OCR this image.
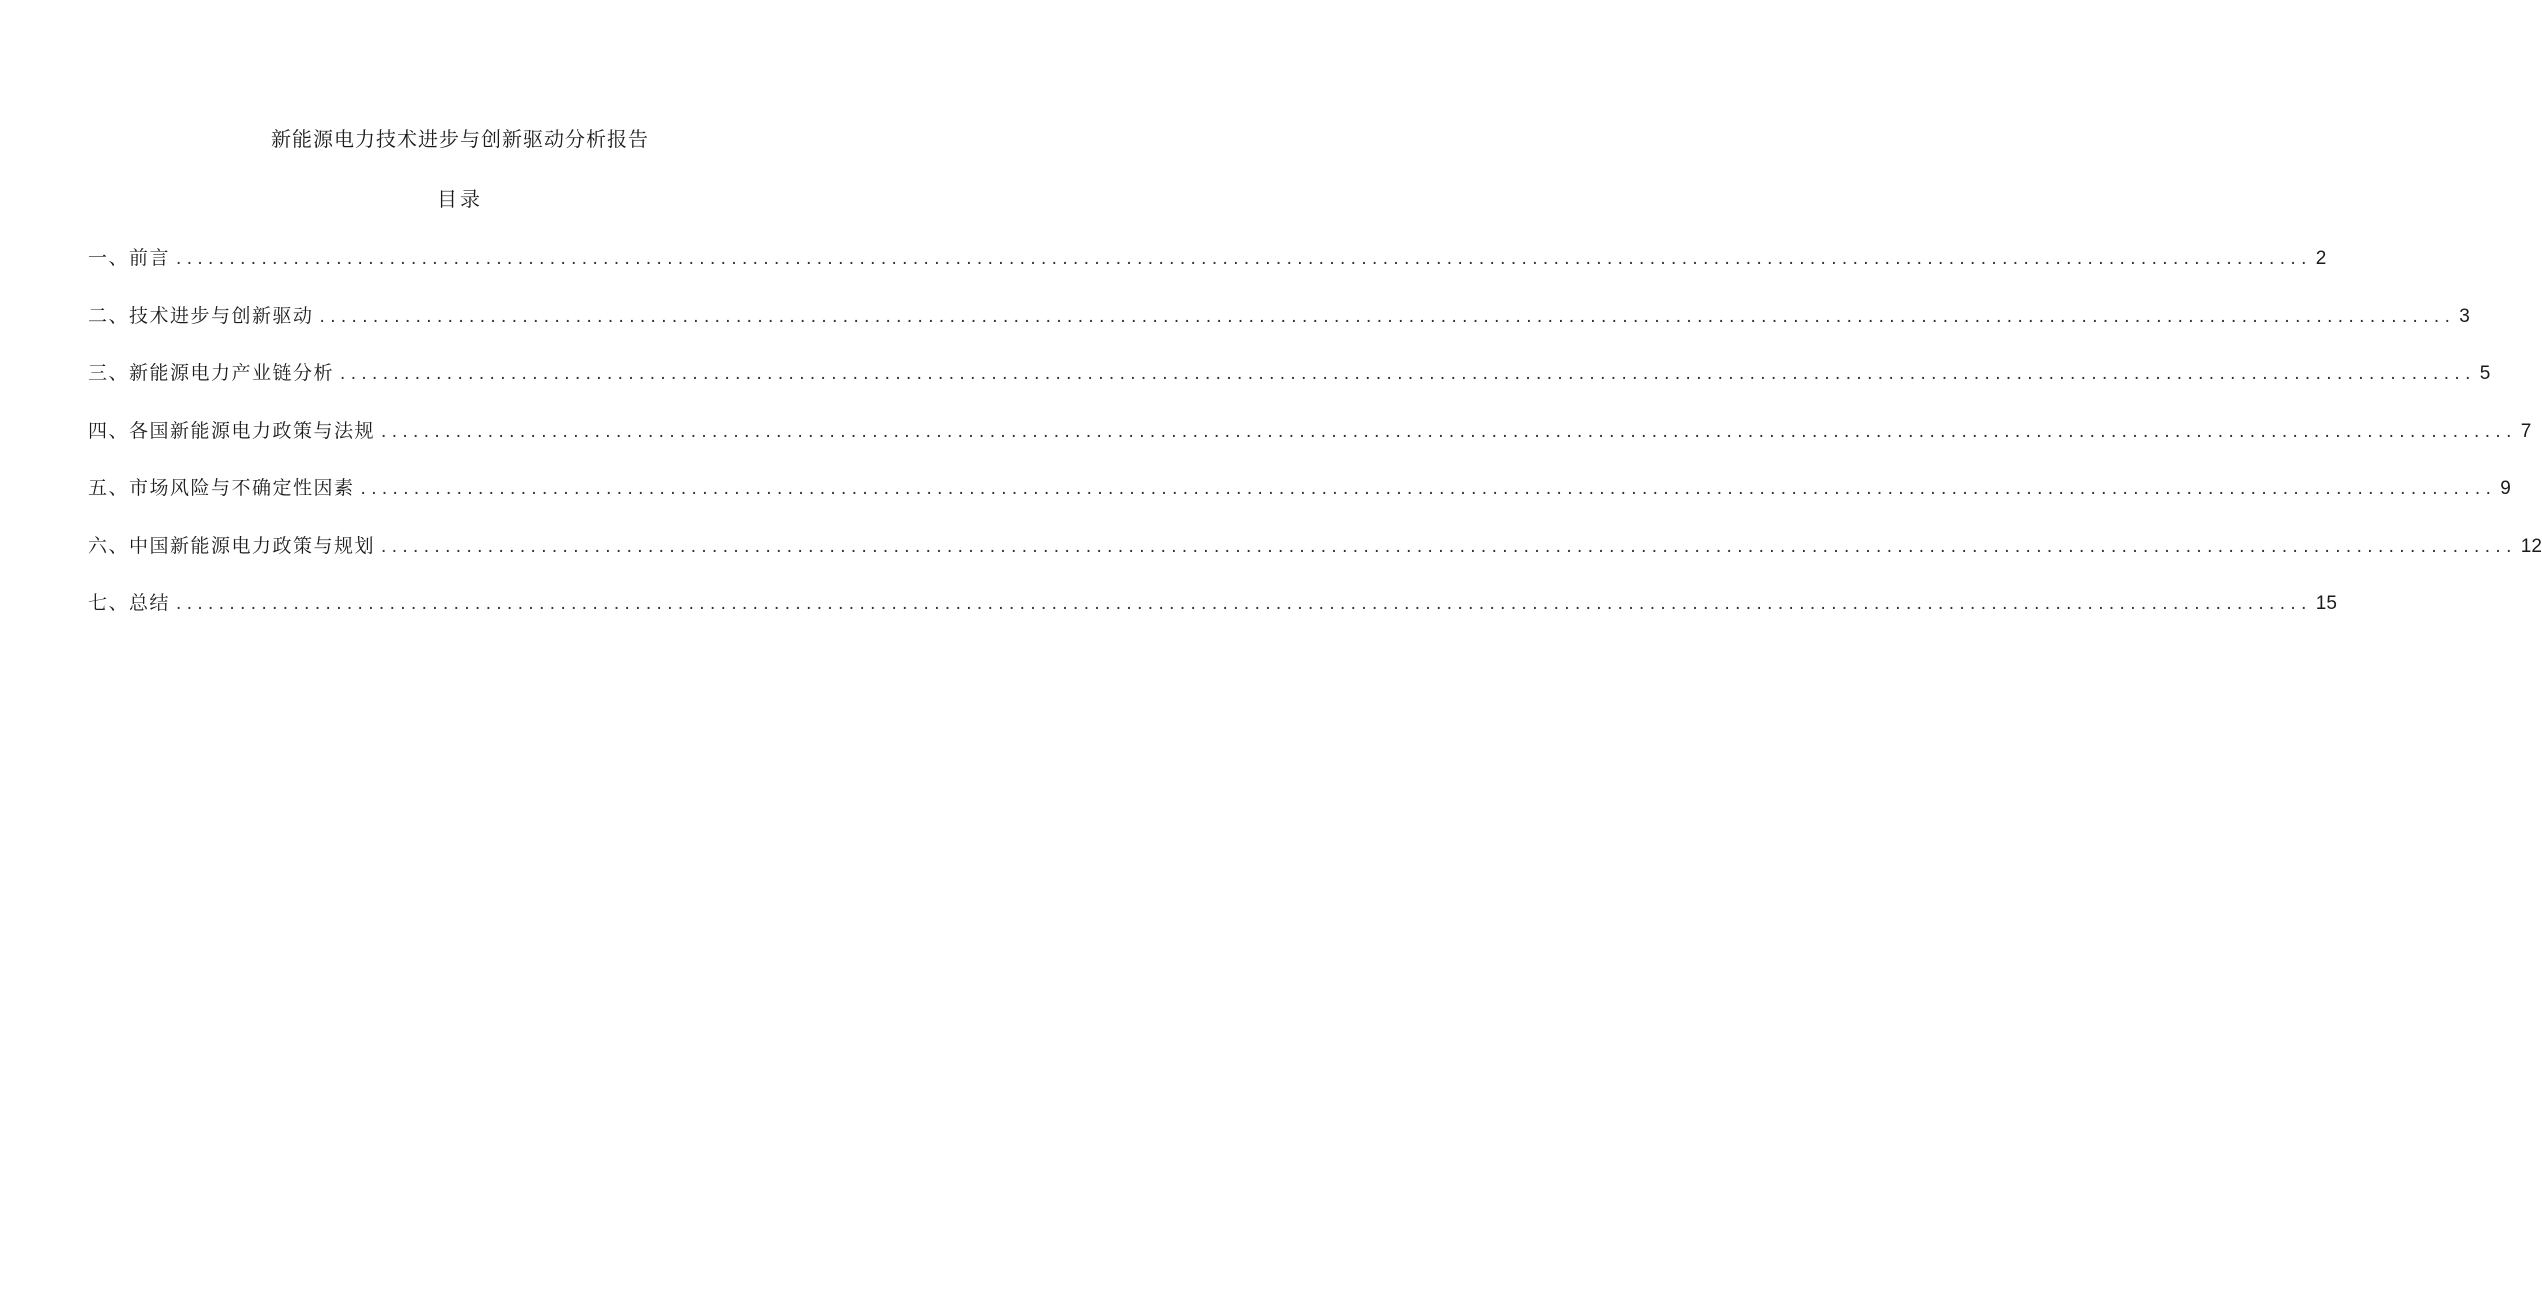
新能源电力技术进步与创新驱动分析报告
目录
一、前言 ........................................................................................................................................................................................................ 2
二、技术进步与创新驱动 ........................................................................................................................................................................................................ 3
三、新能源电力产业链分析 ........................................................................................................................................................................................................ 5
四、各国新能源电力政策与法规 ........................................................................................................................................................................................................ 7
五、市场风险与不确定性因素 ........................................................................................................................................................................................................ 9
六、中国新能源电力政策与规划 ........................................................................................................................................................................................................ 12
七、总结 ........................................................................................................................................................................................................ 15
